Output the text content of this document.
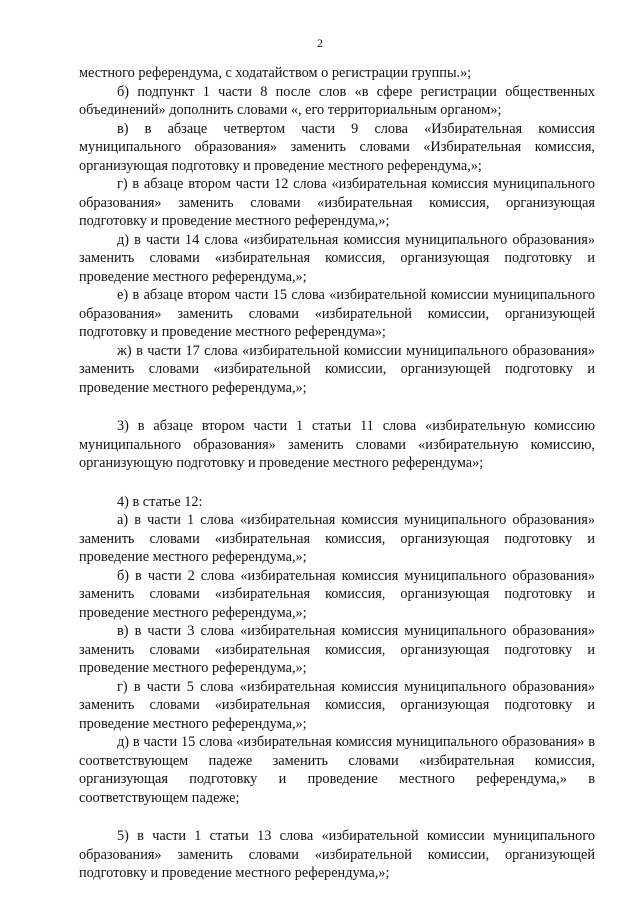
2

местного референдума, с ходатайством о регистрации группы.»;

б) подпункт 1 части 8 после слов «в сфере регистрации общественных объединений» дополнить словами «, его территориальным органом»;

в) в абзаце четвертом части 9 слова «Избирательная комиссия муниципального образования» заменить словами «Избирательная комиссия, организующая подготовку и проведение местного референдума,»;

г) в абзаце втором части 12 слова «избирательная комиссия муниципального образования» заменить словами «избирательная комиссия, организующая подготовку и проведение местного референдума,»;

д) в части 14 слова «избирательная комиссия муниципального образования» заменить словами «избирательная комиссия, организующая подготовку и проведение местного референдума,»;

е) в абзаце втором части 15 слова «избирательной комиссии муниципального образования» заменить словами «избирательной комиссии, организующей подготовку и проведение местного референдума»;

ж) в части 17 слова «избирательной комиссии муниципального образования» заменить словами «избирательной комиссии, организующей подготовку и проведение местного референдума,»;

3) в абзаце втором части 1 статьи 11 слова «избирательную комиссию муниципального образования» заменить словами «избирательную комиссию, организующую подготовку и проведение местного референдума»;

4) в статье 12:

а) в части 1 слова «избирательная комиссия муниципального образования» заменить словами «избирательная комиссия, организующая подготовку и проведение местного референдума,»;

б) в части 2 слова «избирательная комиссия муниципального образования» заменить словами «избирательная комиссия, организующая подготовку и проведение местного референдума,»;

в) в части 3 слова «избирательная комиссия муниципального образования» заменить словами «избирательная комиссия, организующая подготовку и проведение местного референдума,»;

г) в части 5 слова «избирательная комиссия муниципального образования» заменить словами «избирательная комиссия, организующая подготовку и проведение местного референдума,»;

д) в части 15 слова «избирательная комиссия муниципального образования» в соответствующем падеже заменить словами «избирательная комиссия, организующая подготовку и проведение местного референдума,» в соответствующем падеже;

5) в части 1 статьи 13 слова «избирательной комиссии муниципального образования» заменить словами «избирательной комиссии, организующей подготовку и проведение местного референдума,»;
